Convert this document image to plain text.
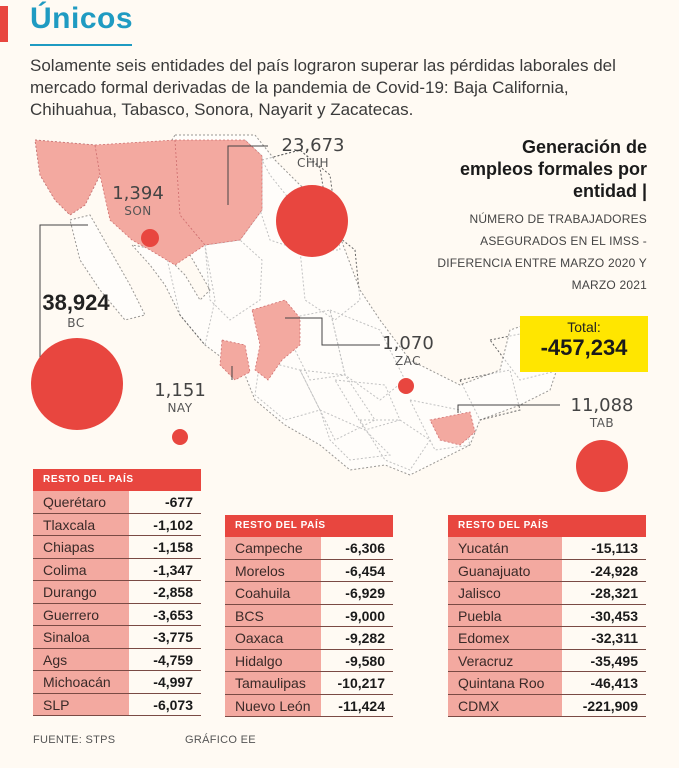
Únicos
Solamente seis entidades del país lograron superar las pérdidas laborales del mercado formal derivadas de la pandemia de Covid-19: Baja California, Chihuahua, Tabasco, Sonora, Nayarit y Zacatecas.
23,673
CHIH
1,394
SON
38,924
BC
1,070
ZAC
1,151
NAY	11,088
TAB
Generación de empleos formales por entidad |
NÚMERO DE TRABAJADORES ASEGURADOS EN EL IMSS - DIFERENCIA ENTRE MARZO 2020 Y MARZO 2021
Total:
-457,234
RESTO DEL PAÍS
Querétaro	-677
Tlaxcala	-1,102
Chiapas	-1,158
Colima	-1,347
Durango	-2,858
Guerrero	-3,653
Sinaloa	-3,775
Ags	-4,759
Michoacán	-4,997
SLP	-6,073
RESTO DEL PAÍS
Campeche	-6,306
Morelos	-6,454
Coahuila	-6,929
BCS	-9,000
Oaxaca	-9,282
Hidalgo	-9,580
Tamaulipas	-10,217
Nuevo León	-11,424
RESTO DEL PAÍS
Yucatán	-15,113
Guanajuato	-24,928
Jalisco	-28,321
Puebla	-30,453
Edomex	-32,311
Veracruz	-35,495
Quintana Roo	-46,413
CDMX	-221,909
FUENTE: STPS	GRÁFICO EE
